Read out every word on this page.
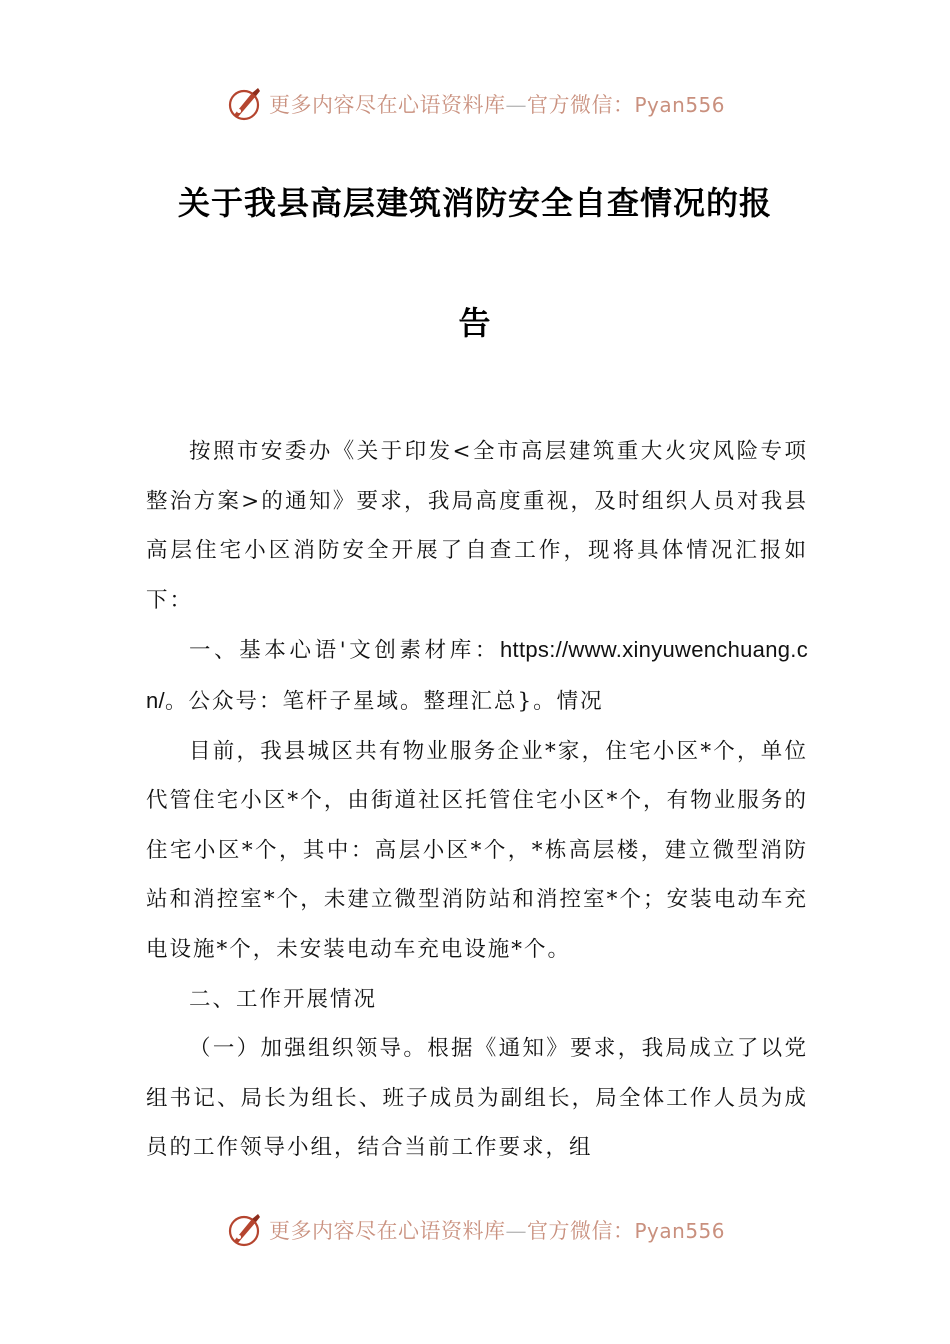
更多内容尽在心语资料库—官方微信：Pyan556
关于我县高层建筑消防安全自查情况的报
告

按照市安委办《关于印发<全市高层建筑重大火灾风险专项整治方案>的通知》要求，我局高度重视，及时组织人员对我县高层住宅小区消防安全开展了自查工作，现将具体情况汇报如下：

一、基本心语'文创素材库：https://www.xinyuwenchuang.cn/。公众号：笔杆子星域。整理汇总}。情况

目前，我县城区共有物业服务企业*家，住宅小区*个，单位代管住宅小区*个，由街道社区托管住宅小区*个，有物业服务的住宅小区*个，其中：高层小区*个，*栋高层楼，建立微型消防站和消控室*个，未建立微型消防站和消控室*个；安装电动车充电设施*个，未安装电动车充电设施*个。

二、工作开展情况

（一）加强组织领导。根据《通知》要求，我局成立了以党组书记、局长为组长、班子成员为副组长，局全体工作人员为成员的工作领导小组，结合当前工作要求，组

更多内容尽在心语资料库—官方微信：Pyan556
